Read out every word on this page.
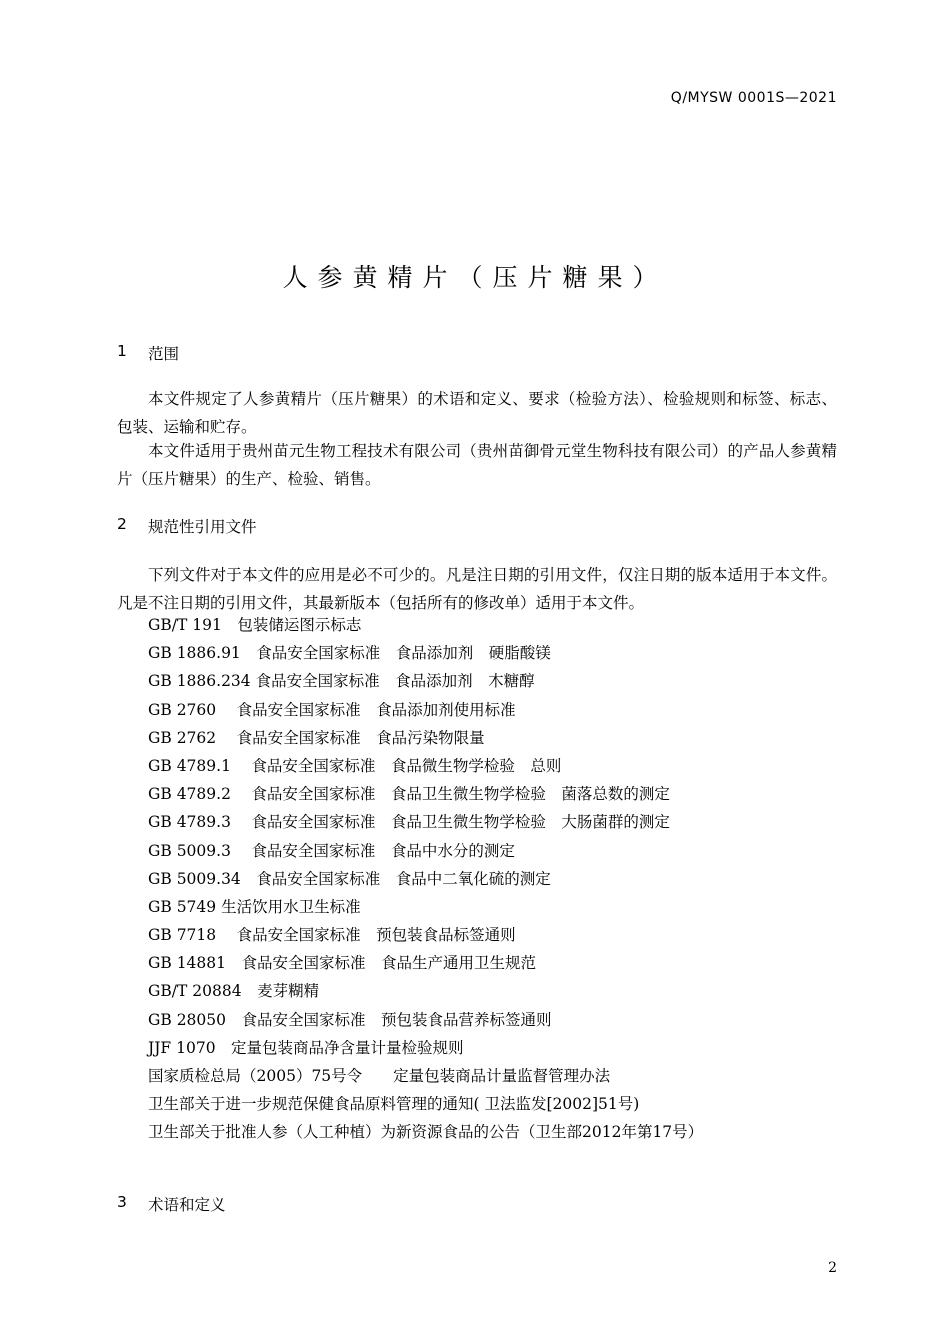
Q/MYSW 0001S—2021
人参黄精片（压片糖果）
1	范围
本文件规定了人参黄精片（压片糖果）的术语和定义、要求（检验方法）、检验规则和标签、标志、包装、运输和贮存。
本文件适用于贵州苗元生物工程技术有限公司（贵州苗御骨元堂生物科技有限公司）的产品人参黄精片（压片糖果）的生产、检验、销售。
2	规范性引用文件
下列文件对于本文件的应用是必不可少的。凡是注日期的引用文件，仅注日期的版本适用于本文件。凡是不注日期的引用文件，其最新版本（包括所有的修改单）适用于本文件。
GB/T 191　包装储运图示标志
GB 1886.91　食品安全国家标准　食品添加剂　硬脂酸镁
GB 1886.234 食品安全国家标准　食品添加剂　木糖醇
GB 2760　 食品安全国家标准　食品添加剂使用标准
GB 2762　 食品安全国家标准　食品污染物限量
GB 4789.1　 食品安全国家标准　食品微生物学检验　总则
GB 4789.2　 食品安全国家标准　食品卫生微生物学检验　菌落总数的测定
GB 4789.3　 食品安全国家标准　食品卫生微生物学检验　大肠菌群的测定
GB 5009.3　 食品安全国家标准　食品中水分的测定
GB 5009.34　食品安全国家标准　食品中二氧化硫的测定
GB 5749 生活饮用水卫生标准
GB 7718　 食品安全国家标准　预包装食品标签通则
GB 14881　食品安全国家标准　食品生产通用卫生规范
GB/T 20884　麦芽糊精
GB 28050　食品安全国家标准　预包装食品营养标签通则
JJF 1070　定量包装商品净含量计量检验规则
国家质检总局（2005）75号令　　定量包装商品计量监督管理办法
卫生部关于进一步规范保健食品原料管理的通知( 卫法监发[2002]51号)
卫生部关于批准人参（人工种植）为新资源食品的公告（卫生部2012年第17号）
3	术语和定义
2
